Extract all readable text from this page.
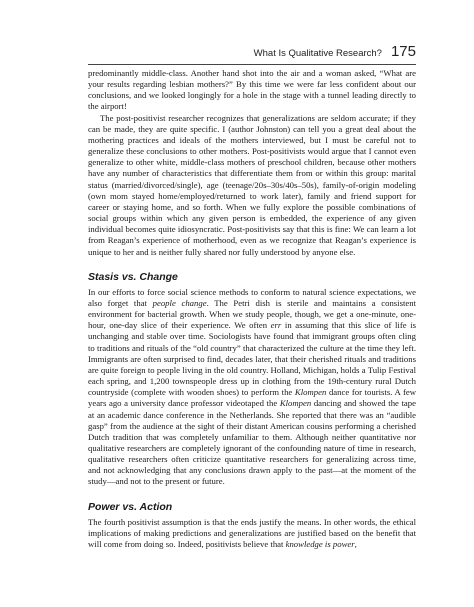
What Is Qualitative Research? 175

predominantly middle-class. Another hand shot into the air and a woman asked, “What are your results regarding lesbian mothers?” By this time we were far less confident about our conclusions, and we looked longingly for a hole in the stage with a tunnel leading directly to the airport!

The post-positivist researcher recognizes that generalizations are seldom accurate; if they can be made, they are quite specific. I (author Johnston) can tell you a great deal about the mothering practices and ideals of the mothers interviewed, but I must be careful not to generalize these conclusions to other mothers. Post-positivists would argue that I cannot even generalize to other white, middle-class mothers of preschool children, because other mothers have any number of characteristics that differentiate them from or within this group: marital status (married/divorced/single), age (teenage/20s–30s/40s–50s), family-of-origin modeling (own mom stayed home/employed/returned to work later), family and friend support for career or staying home, and so forth. When we fully explore the possible combinations of social groups within which any given person is embedded, the experience of any given individual becomes quite idiosyncratic. Post-positivists say that this is fine: We can learn a lot from Reagan’s experience of motherhood, even as we recognize that Reagan’s experience is unique to her and is neither fully shared nor fully understood by anyone else.

Stasis vs. Change

In our efforts to force social science methods to conform to natural science expectations, we also forget that people change. The Petri dish is sterile and maintains a consistent environment for bacterial growth. When we study people, though, we get a one-minute, one-hour, one-day slice of their experience. We often err in assuming that this slice of life is unchanging and stable over time. Sociologists have found that immigrant groups often cling to traditions and rituals of the “old country” that characterized the culture at the time they left. Immigrants are often surprised to find, decades later, that their cherished rituals and traditions are quite foreign to people living in the old country. Holland, Michigan, holds a Tulip Festival each spring, and 1,200 townspeople dress up in clothing from the 19th-century rural Dutch countryside (complete with wooden shoes) to perform the Klompen dance for tourists. A few years ago a university dance professor videotaped the Klompen dancing and showed the tape at an academic dance conference in the Netherlands. She reported that there was an “audible gasp” from the audience at the sight of their distant American cousins performing a cherished Dutch tradition that was completely unfamiliar to them. Although neither quantitative nor qualitative researchers are completely ignorant of the confounding nature of time in research, qualitative researchers often criticize quantitative researchers for generalizing across time, and not acknowledging that any conclusions drawn apply to the past—at the moment of the study—and not to the present or future.

Power vs. Action

The fourth positivist assumption is that the ends justify the means. In other words, the ethical implications of making predictions and generalizations are justified based on the benefit that will come from doing so. Indeed, positivists believe that knowledge is power,
